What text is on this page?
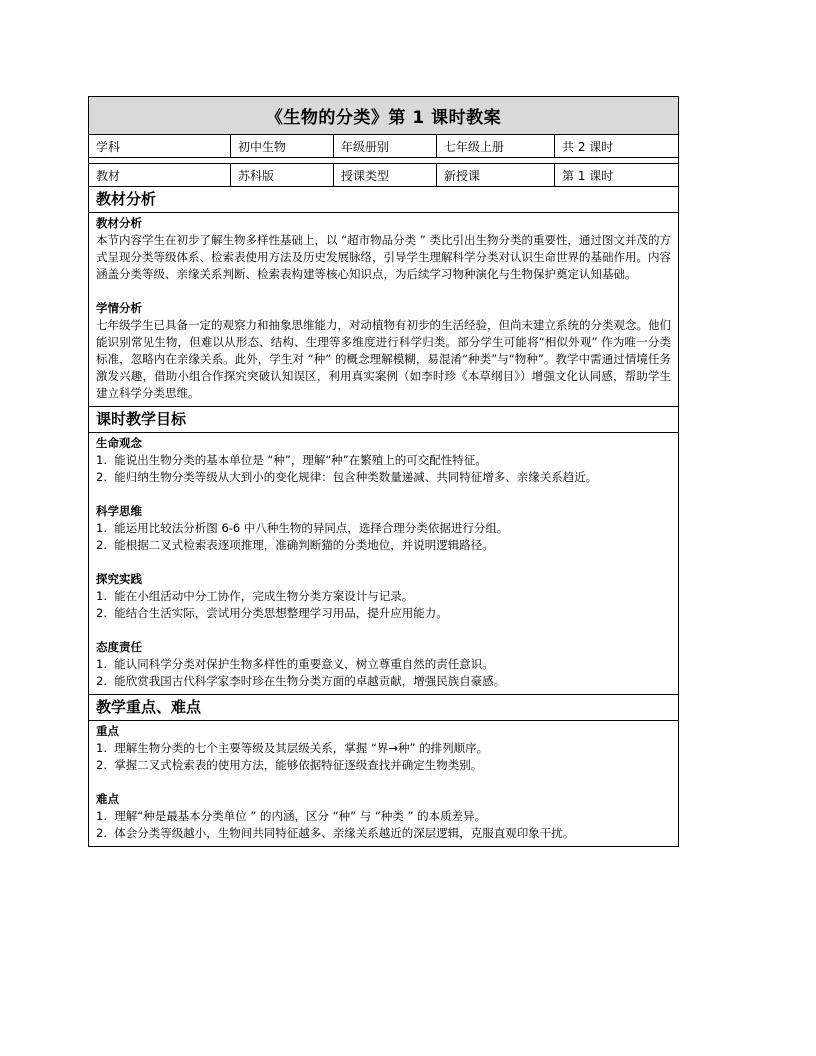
《生物的分类》第 1 课时教案
学科	初中生物	年级册别	七年级上册	共 2 课时
教材	苏科版	授课类型	新授课	第 1 课时
教材分析
教材分析
本节内容学生在初步了解生物多样性基础上，以 “超市物品分类 ” 类比引出生物分类的重要性，通过图文并茂的方式呈现分类等级体系、检索表使用方法及历史发展脉络，引导学生理解科学分类对认识生命世界的基础作用。内容涵盖分类等级、亲缘关系判断、检索表构建等核心知识点，为后续学习物种演化与生物保护奠定认知基础。
学情分析
七年级学生已具备一定的观察力和抽象思维能力，对动植物有初步的生活经验，但尚未建立系统的分类观念。他们能识别常见生物，但难以从形态、结构、生理等多维度进行科学归类。部分学生可能将“相似外观” 作为唯一分类标准，忽略内在亲缘关系。此外，学生对 “种” 的概念理解模糊，易混淆“种类”与“物种”。教学中需通过情境任务激发兴趣，借助小组合作探究突破认知误区，利用真实案例（如李时珍《本草纲目》）增强文化认同感，帮助学生建立科学分类思维。
课时教学目标
生命观念
1.  能说出生物分类的基本单位是 “种”，理解“种”在繁殖上的可交配性特征。
2.  能归纳生物分类等级从大到小的变化规律：包含种类数量递减、共同特征增多、亲缘关系趋近。
科学思维
1.  能运用比较法分析图 6-6 中八种生物的异同点，选择合理分类依据进行分组。
2.  能根据二叉式检索表逐项推理，准确判断猫的分类地位，并说明逻辑路径。
探究实践
1.  能在小组活动中分工协作，完成生物分类方案设计与记录。
2.  能结合生活实际，尝试用分类思想整理学习用品，提升应用能力。
态度责任
1.  能认同科学分类对保护生物多样性的重要意义，树立尊重自然的责任意识。
2.  能欣赏我国古代科学家李时珍在生物分类方面的卓越贡献，增强民族自豪感。
教学重点、难点
重点
1.  理解生物分类的七个主要等级及其层级关系，掌握 “界→种” 的排列顺序。
2.  掌握二叉式检索表的使用方法，能够依据特征逐级查找并确定生物类别。
难点
1.  理解“种是最基本分类单位 ” 的内涵，区分 “种” 与 “种类 ” 的本质差异。
2.  体会分类等级越小，生物间共同特征越多、亲缘关系越近的深层逻辑，克服直观印象干扰。
